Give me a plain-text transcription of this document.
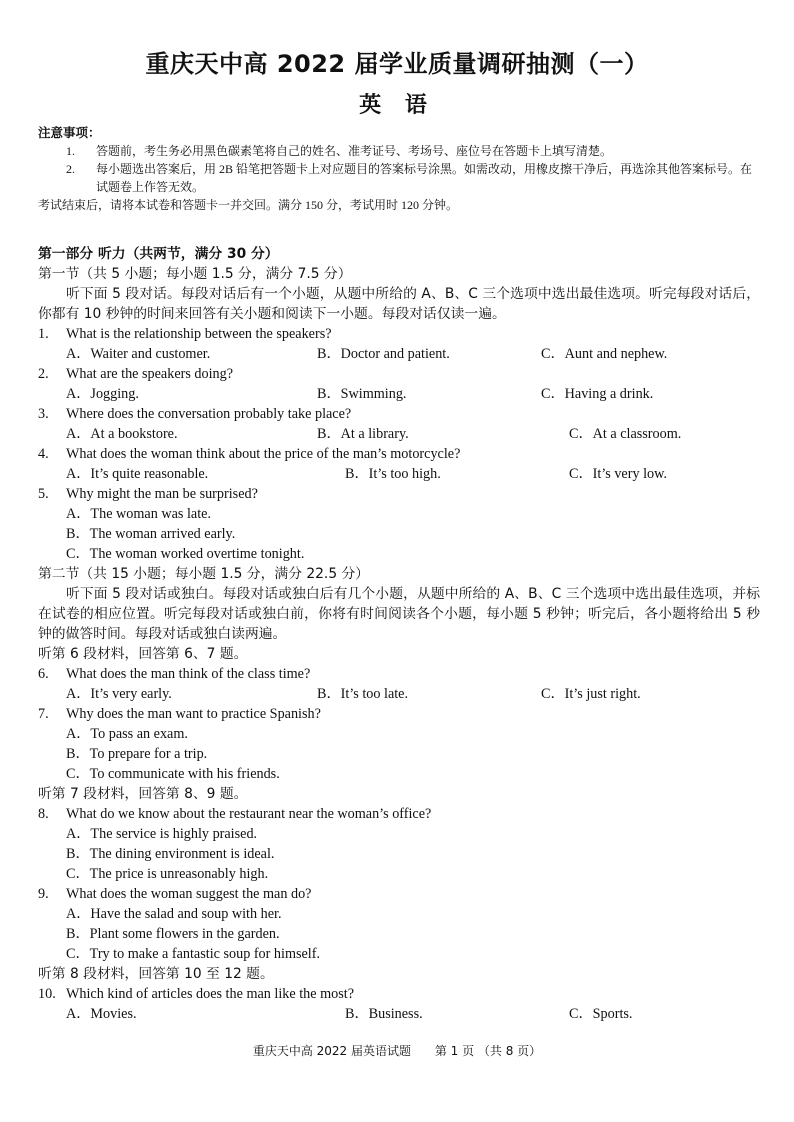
重庆天中高 2022 届学业质量调研抽测（一）
英 语
注意事项：
1.	答题前，考生务必用黑色碳素笔将自己的姓名、准考证号、考场号、座位号在答题卡上填写清楚。
2.	每小题选出答案后，用 2B 铅笔把答题卡上对应题目的答案标号涂黑。如需改动，用橡皮擦干净后，再选涂其他答案标号。在试题卷上作答无效。
考试结束后，请将本试卷和答题卡一并交回。满分 150 分，考试用时 120 分钟。
第一部分 听力（共两节，满分 30 分）
第一节（共 5 小题；每小题 1.5 分，满分 7.5 分）
听下面 5 段对话。每段对话后有一个小题，从题中所给的 A、B、C 三个选项中选出最佳选项。听完每段对话后，你都有 10 秒钟的时间来回答有关小题和阅读下一小题。每段对话仅读一遍。
1.	What is the relationship between the speakers?
A．Waiter and customer.	B．Doctor and patient.	C．Aunt and nephew.
2.	What are the speakers doing?
A．Jogging.	B．Swimming.	C．Having a drink.
3.	Where does the conversation probably take place?
A．At a bookstore.	B．At a library.	C．At a classroom.
4.	What does the woman think about the price of the man’s motorcycle?
A．It’s quite reasonable.	B．It’s too high.	C．It’s very low.
5.	Why might the man be surprised?
A．The woman was late.
B．The woman arrived early.
C．The woman worked overtime tonight.
第二节（共 15 小题；每小题 1.5 分，满分 22.5 分）
听下面 5 段对话或独白。每段对话或独白后有几个小题，从题中所给的 A、B、C 三个选项中选出最佳选项，并标在试卷的相应位置。听完每段对话或独白前，你将有时间阅读各个小题，每小题 5 秒钟；听完后，各小题将给出 5 秒钟的做答时间。每段对话或独白读两遍。
听第 6 段材料，回答第 6、7 题。
6.	What does the man think of the class time?
A．It’s very early.	B．It’s too late.	C．It’s just right.
7.	Why does the man want to practice Spanish?
A．To pass an exam.
B．To prepare for a trip.
C．To communicate with his friends.
听第 7 段材料，回答第 8、9 题。
8.	What do we know about the restaurant near the woman’s office?
A．The service is highly praised.
B．The dining environment is ideal.
C．The price is unreasonably high.
9.	What does the woman suggest the man do?
A．Have the salad and soup with her.
B．Plant some flowers in the garden.
C．Try to make a fantastic soup for himself.
听第 8 段材料，回答第 10 至 12 题。
10. Which kind of articles does the man like the most?
A．Movies.	B．Business.	C．Sports.
重庆天中高 2022 届英语试题 第 1 页 （共 8 页）
